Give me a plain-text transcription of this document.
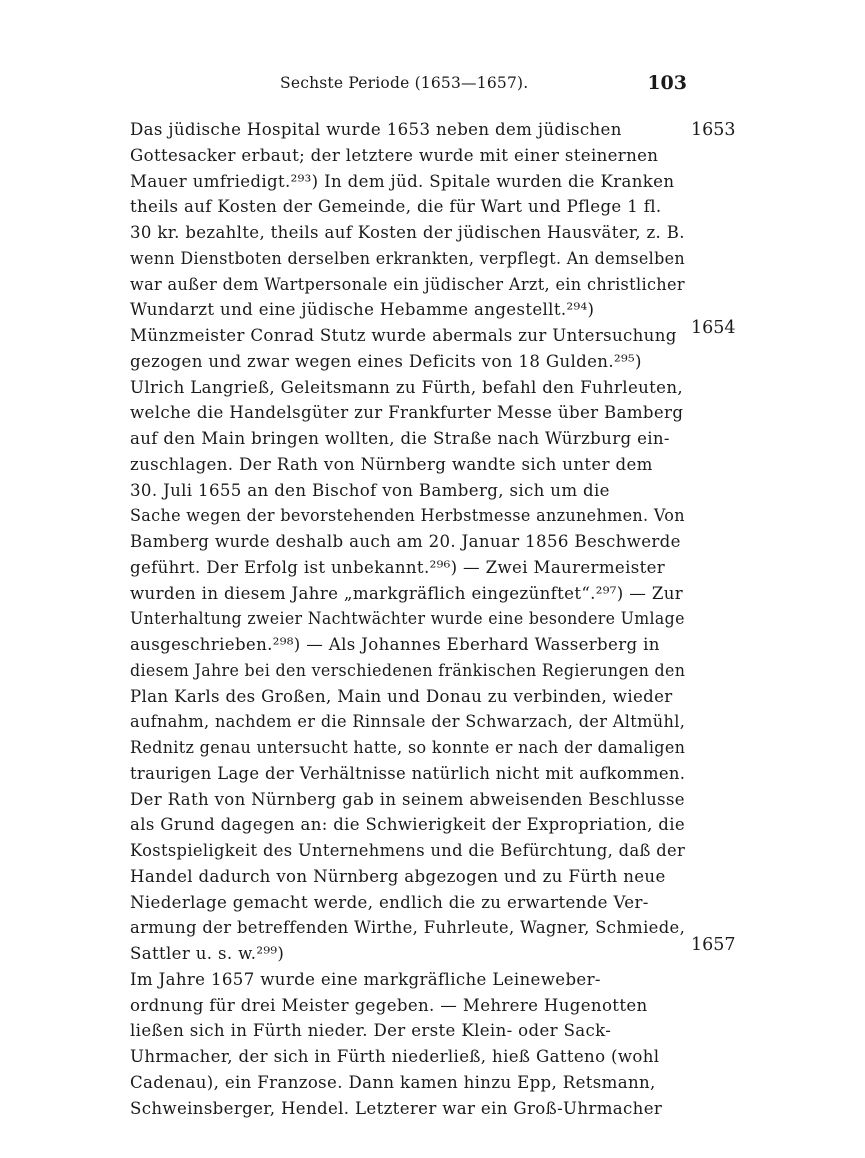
Sechste Periode (1653—1657).	103
Das jüdische Hospital wurde 1653 neben dem jüdischen
Gottesacker erbaut; der letztere wurde mit einer steinernen
Mauer umfriedigt.²⁹³) In dem jüd. Spitale wurden die Kranken
theils auf Kosten der Gemeinde, die für Wart und Pflege 1 fl.
30 kr. bezahlte, theils auf Kosten der jüdischen Hausväter, z. B.
wenn Dienstboten derselben erkrankten, verpflegt. An demselben
war außer dem Wartpersonale ein jüdischer Arzt, ein christlicher
Wundarzt und eine jüdische Hebamme angestellt.²⁹⁴)
Münzmeister Conrad Stutz wurde abermals zur Untersuchung
gezogen und zwar wegen eines Deficits von 18 Gulden.²⁹⁵)
Ulrich Langrieß, Geleitsmann zu Fürth, befahl den Fuhrleuten,
welche die Handelsgüter zur Frankfurter Messe über Bamberg
auf den Main bringen wollten, die Straße nach Würzburg ein-
zuschlagen. Der Rath von Nürnberg wandte sich unter dem
30. Juli 1655 an den Bischof von Bamberg, sich um die
Sache wegen der bevorstehenden Herbstmesse anzunehmen. Von
Bamberg wurde deshalb auch am 20. Januar 1856 Beschwerde
geführt. Der Erfolg ist unbekannt.²⁹⁶) — Zwei Maurermeister
wurden in diesem Jahre „markgräflich eingezünftet“.²⁹⁷) — Zur
Unterhaltung zweier Nachtwächter wurde eine besondere Umlage
ausgeschrieben.²⁹⁸) — Als Johannes Eberhard Wasserberg in
diesem Jahre bei den verschiedenen fränkischen Regierungen den
Plan Karls des Großen, Main und Donau zu verbinden, wieder
aufnahm, nachdem er die Rinnsale der Schwarzach, der Altmühl,
Rednitz genau untersucht hatte, so konnte er nach der damaligen
traurigen Lage der Verhältnisse natürlich nicht mit aufkommen.
Der Rath von Nürnberg gab in seinem abweisenden Beschlusse
als Grund dagegen an: die Schwierigkeit der Expropriation, die
Kostspieligkeit des Unternehmens und die Befürchtung, daß der
Handel dadurch von Nürnberg abgezogen und zu Fürth neue
Niederlage gemacht werde, endlich die zu erwartende Ver-
armung der betreffenden Wirthe, Fuhrleute, Wagner, Schmiede,
Sattler u. s. w.²⁹⁹)
Im Jahre 1657 wurde eine markgräfliche Leineweber-
ordnung für drei Meister gegeben. — Mehrere Hugenotten
ließen sich in Fürth nieder. Der erste Klein- oder Sack-
Uhrmacher, der sich in Fürth niederließ, hieß Gatteno (wohl
Cadenau), ein Franzose. Dann kamen hinzu Epp, Retsmann,
Schweinsberger, Hendel. Letzterer war ein Groß-Uhrmacher
1653
1654
1657
